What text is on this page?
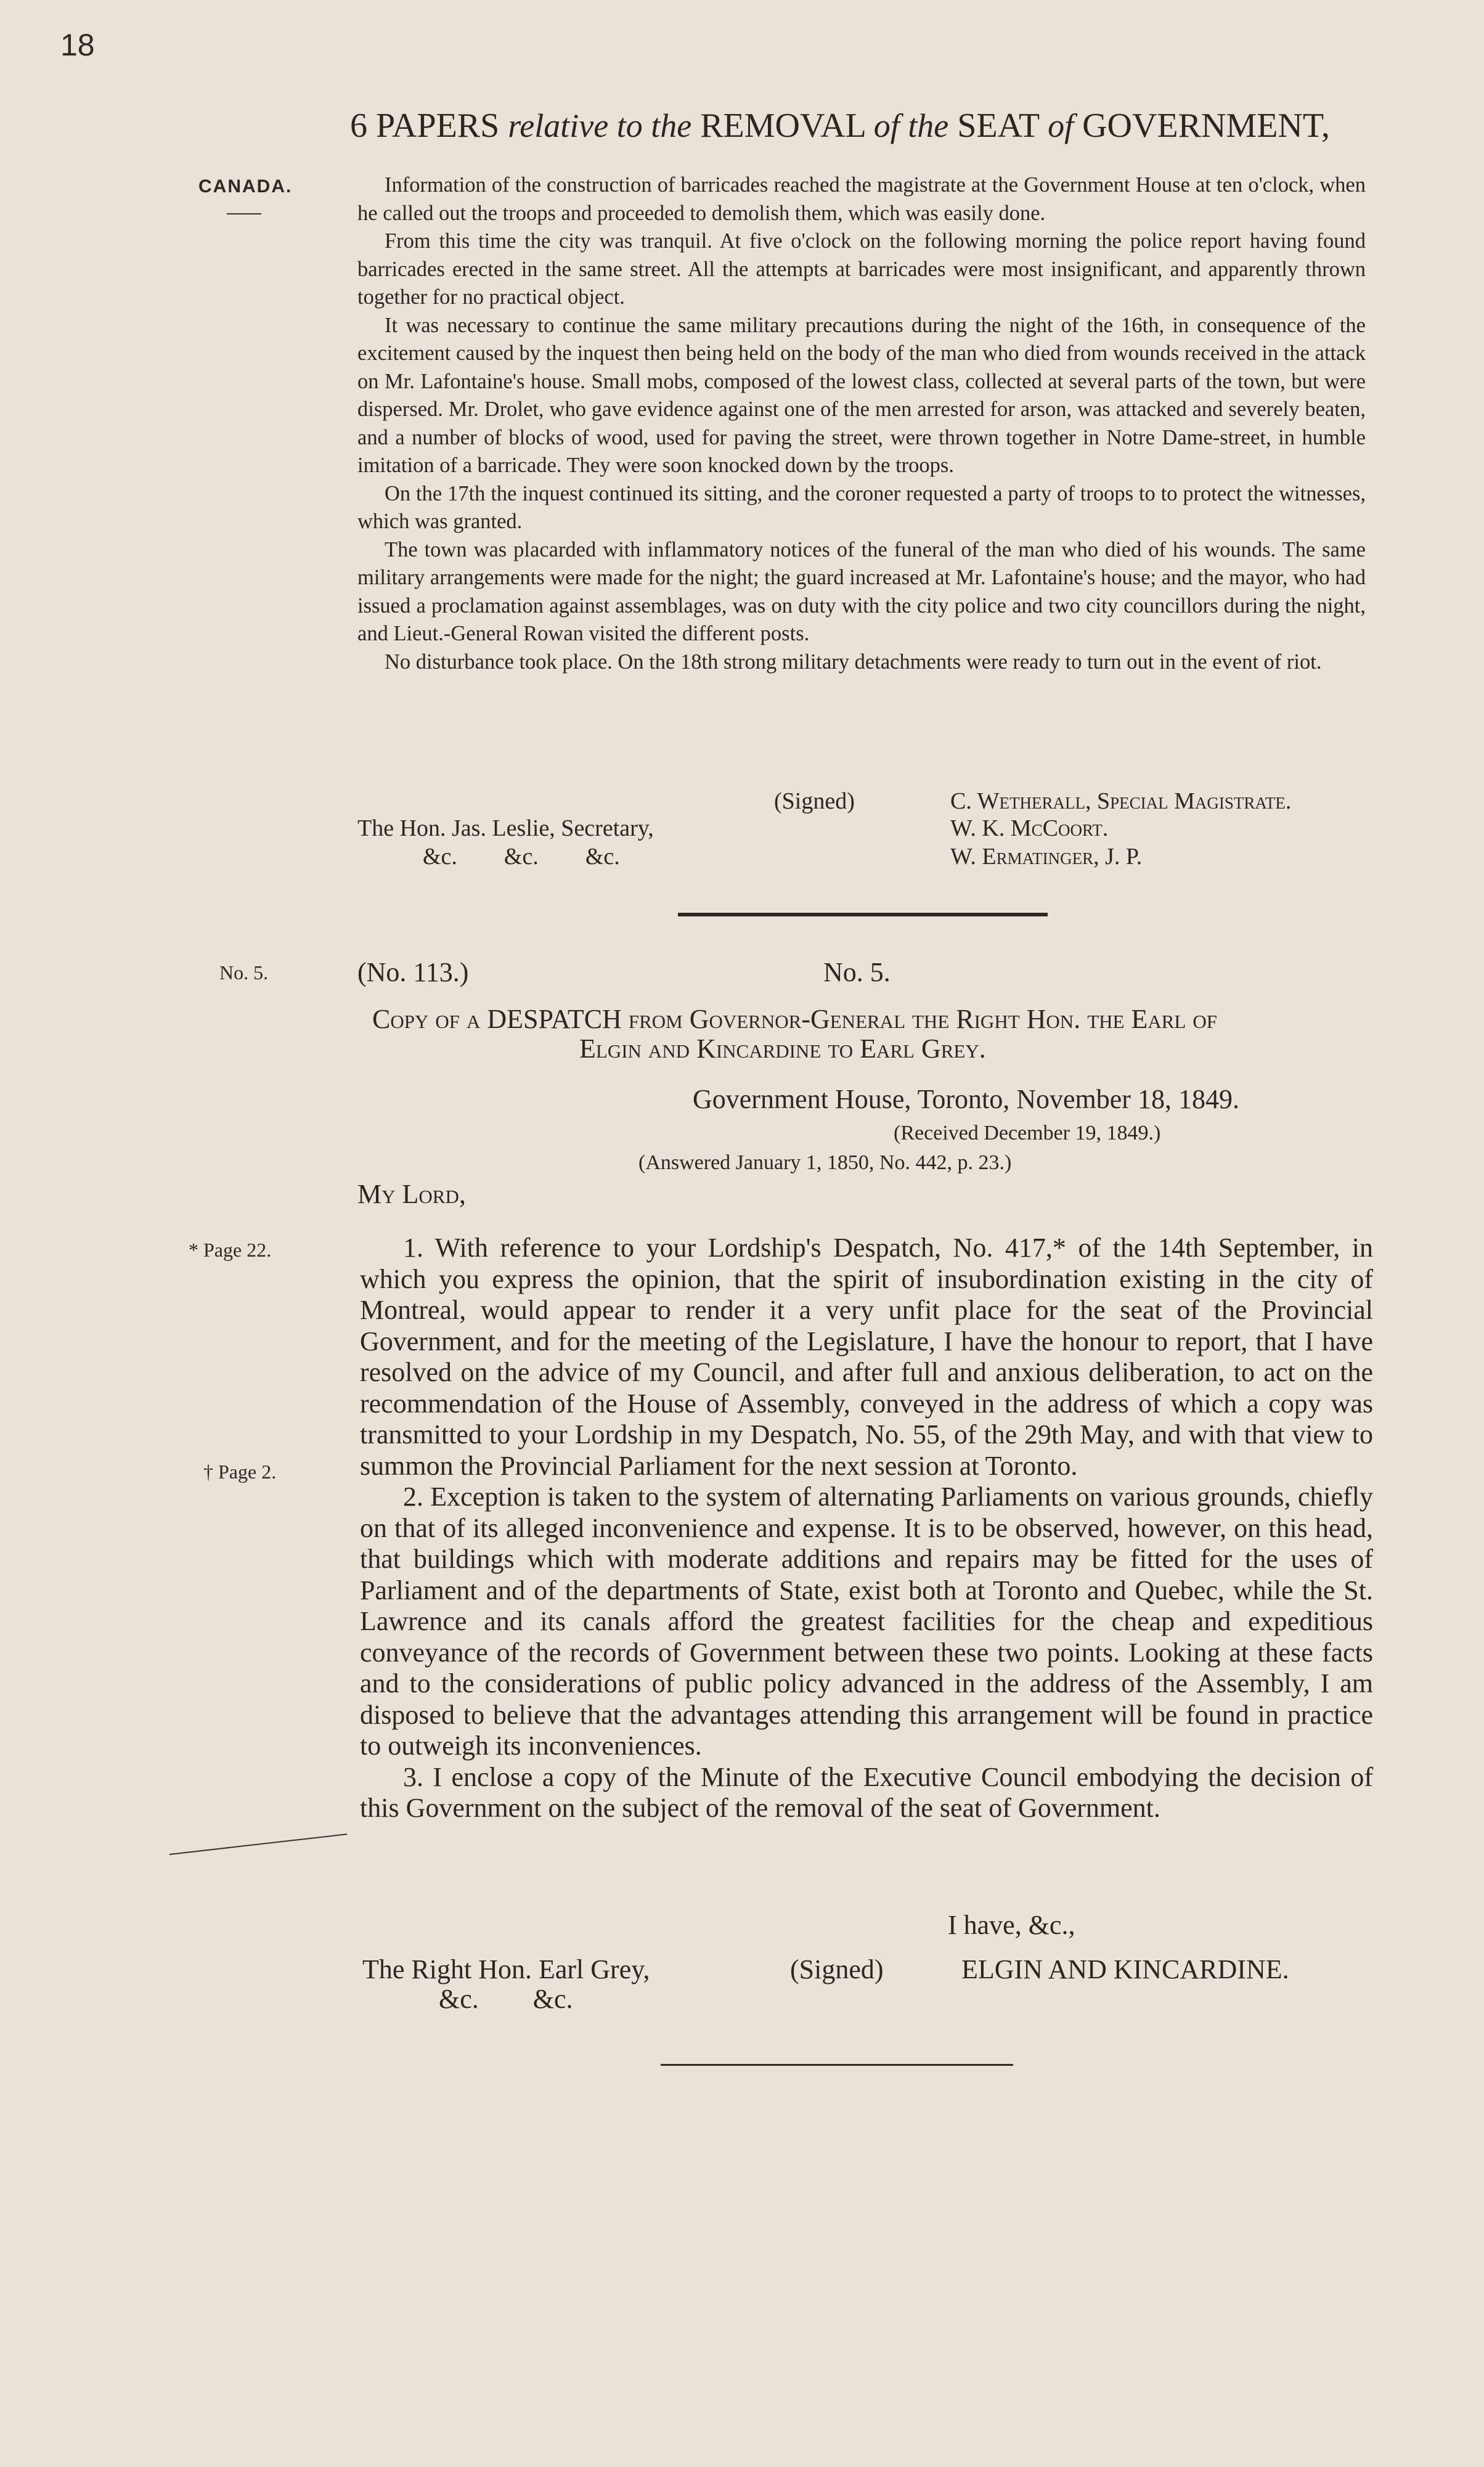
18
6 PAPERS relative to the REMOVAL of the SEAT of GOVERNMENT,
CANADA.	Information of the construction of barricades reached the magistrate at the Government House at ten o'clock, when he called out the troops and proceeded to demolish them, which was easily done.

From this time the city was tranquil. At five o'clock on the following morning the police report having found barricades erected in the same street. All the attempts at barricades were most insignificant, and apparently thrown together for no practical object.

It was necessary to continue the same military precautions during the night of the 16th, in consequence of the excitement caused by the inquest then being held on the body of the man who died from wounds received in the attack on Mr. Lafontaine's house. Small mobs, composed of the lowest class, collected at several parts of the town, but were dispersed. Mr. Drolet, who gave evidence against one of the men arrested for arson, was attacked and severely beaten, and a number of blocks of wood, used for paving the street, were thrown together in Notre Dame-street, in humble imitation of a barricade. They were soon knocked down by the troops.

On the 17th the inquest continued its sitting, and the coroner requested a party of troops to to protect the witnesses, which was granted.

The town was placarded with inflammatory notices of the funeral of the man who died of his wounds. The same military arrangements were made for the night; the guard increased at Mr. Lafontaine's house; and the mayor, who had issued a proclamation against assemblages, was on duty with the city police and two city councillors during the night, and Lieut.-General Rowan visited the different posts.

No disturbance took place. On the 18th strong military detachments were ready to turn out in the event of riot.

(Signed)
The Hon. Jas. Leslie, Secretary,
&c.        &c.        &c.
C. Wetherall, Special Magistrate.
W. K. McCoort.
W. Ermatinger, J. P.
No. 5.	(No. 113.)	No. 5.
Copy of a DESPATCH from Governor-General the Right Hon. the Earl of
Elgin and Kincardine to Earl Grey.
Government House, Toronto, November 18, 1849.
(Received December 19, 1849.)
(Answered January 1, 1850, No. 442, p. 23.)
My Lord,
* Page 22.
† Page 2.

1. With reference to your Lordship's Despatch, No. 417,* of the 14th September, in which you express the opinion, that the spirit of insubordination existing in the city of Montreal, would appear to render it a very unfit place for the seat of the Provincial Government, and for the meeting of the Legislature, I have the honour to report, that I have resolved on the advice of my Council, and after full and anxious deliberation, to act on the recommendation of the House of Assembly, conveyed in the address of which a copy was transmitted to your Lordship in my Despatch, No. 55, of the 29th May, and with that view to summon the Provincial Parliament for the next session at Toronto.

2. Exception is taken to the system of alternating Parliaments on various grounds, chiefly on that of its alleged inconvenience and expense. It is to be observed, however, on this head, that buildings which with moderate additions and repairs may be fitted for the uses of Parliament and of the departments of State, exist both at Toronto and Quebec, while the St. Lawrence and its canals afford the greatest facilities for the cheap and expeditious conveyance of the records of Government between these two points. Looking at these facts and to the considerations of public policy advanced in the address of the Assembly, I am disposed to believe that the advantages attending this arrangement will be found in practice to outweigh its inconveniences.

3. I enclose a copy of the Minute of the Executive Council embodying the decision of this Government on the subject of the removal of the seat of Government.

I have, &c.,
The Right Hon. Earl Grey,
&c.        &c.
(Signed)	ELGIN AND KINCARDINE.
